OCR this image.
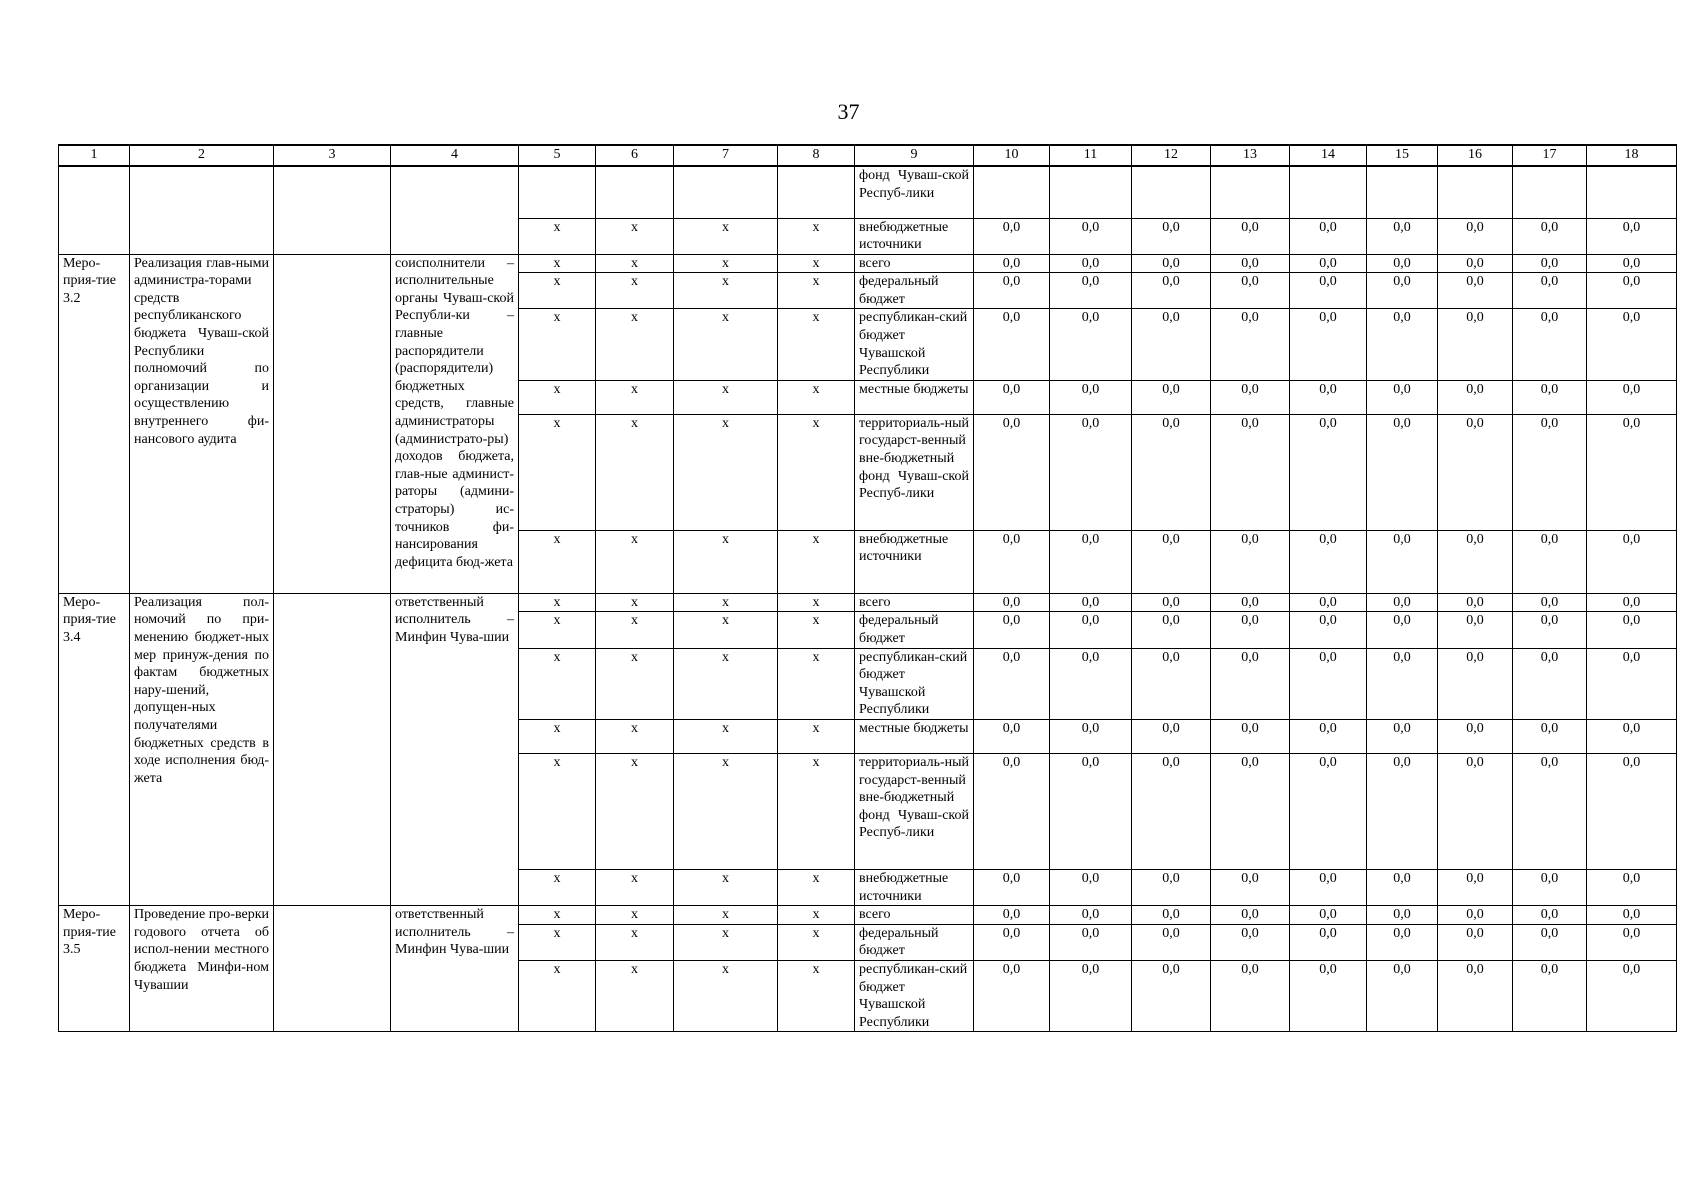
37
1	2	3	4	5	6	7	8	9	10	11	12	13	14	15	16	17	18
								фонд Чуваш-ской Респуб-лики									
				х	х	х	х	внебюджетные источники	0,0	0,0	0,0	0,0	0,0	0,0	0,0	0,0	0,0
Меро-прия-тие 3.2	Реализация глав-ными администра-торами средств республиканского бюджета Чуваш-ской Республики полномочий по организации и осуществлению внутреннего фи-нансового аудита		соисполнители – исполнительные органы Чуваш-ской Республи-ки – главные распорядители (распорядители) бюджетных средств, главные администраторы (администрато-ры) доходов бюджета, глав-ные админист-раторы (админи-страторы) ис-точников фи-нансирования дефицита бюд-жета	х	х	х	х	всего	0,0	0,0	0,0	0,0	0,0	0,0	0,0	0,0	0,0
				х	х	х	х	федеральный бюджет	0,0	0,0	0,0	0,0	0,0	0,0	0,0	0,0	0,0
				х	х	х	х	республикан-ский бюджет Чувашской Республики	0,0	0,0	0,0	0,0	0,0	0,0	0,0	0,0	0,0
				х	х	х	х	местные бюджеты	0,0	0,0	0,0	0,0	0,0	0,0	0,0	0,0	0,0
				х	х	х	х	территориаль-ный государст-венный вне-бюджетный фонд Чуваш-ской Респуб-лики	0,0	0,0	0,0	0,0	0,0	0,0	0,0	0,0	0,0
				х	х	х	х	внебюджетные источники	0,0	0,0	0,0	0,0	0,0	0,0	0,0	0,0	0,0
Меро-прия-тие 3.4	Реализация пол-номочий по при-менению бюджет-ных мер принуж-дения по фактам бюджетных нару-шений, допущен-ных получателями бюджетных средств в ходе исполнения бюд-жета		ответственный исполнитель – Минфин Чува-шии	х	х	х	х	всего	0,0	0,0	0,0	0,0	0,0	0,0	0,0	0,0	0,0
				х	х	х	х	федеральный бюджет	0,0	0,0	0,0	0,0	0,0	0,0	0,0	0,0	0,0
				х	х	х	х	республикан-ский бюджет Чувашской Республики	0,0	0,0	0,0	0,0	0,0	0,0	0,0	0,0	0,0
				х	х	х	х	местные бюджеты	0,0	0,0	0,0	0,0	0,0	0,0	0,0	0,0	0,0
				х	х	х	х	территориаль-ный государст-венный вне-бюджетный фонд Чуваш-ской Респуб-лики	0,0	0,0	0,0	0,0	0,0	0,0	0,0	0,0	0,0
				х	х	х	х	внебюджетные источники	0,0	0,0	0,0	0,0	0,0	0,0	0,0	0,0	0,0
Меро-прия-тие 3.5	Проведение про-верки годового отчета об испол-нении местного бюджета Минфи-ном Чувашии		ответственный исполнитель – Минфин Чува-шии	х	х	х	х	всего	0,0	0,0	0,0	0,0	0,0	0,0	0,0	0,0	0,0
				х	х	х	х	федеральный бюджет	0,0	0,0	0,0	0,0	0,0	0,0	0,0	0,0	0,0
				х	х	х	х	республикан-ский бюджет Чувашской Республики	0,0	0,0	0,0	0,0	0,0	0,0	0,0	0,0	0,0
